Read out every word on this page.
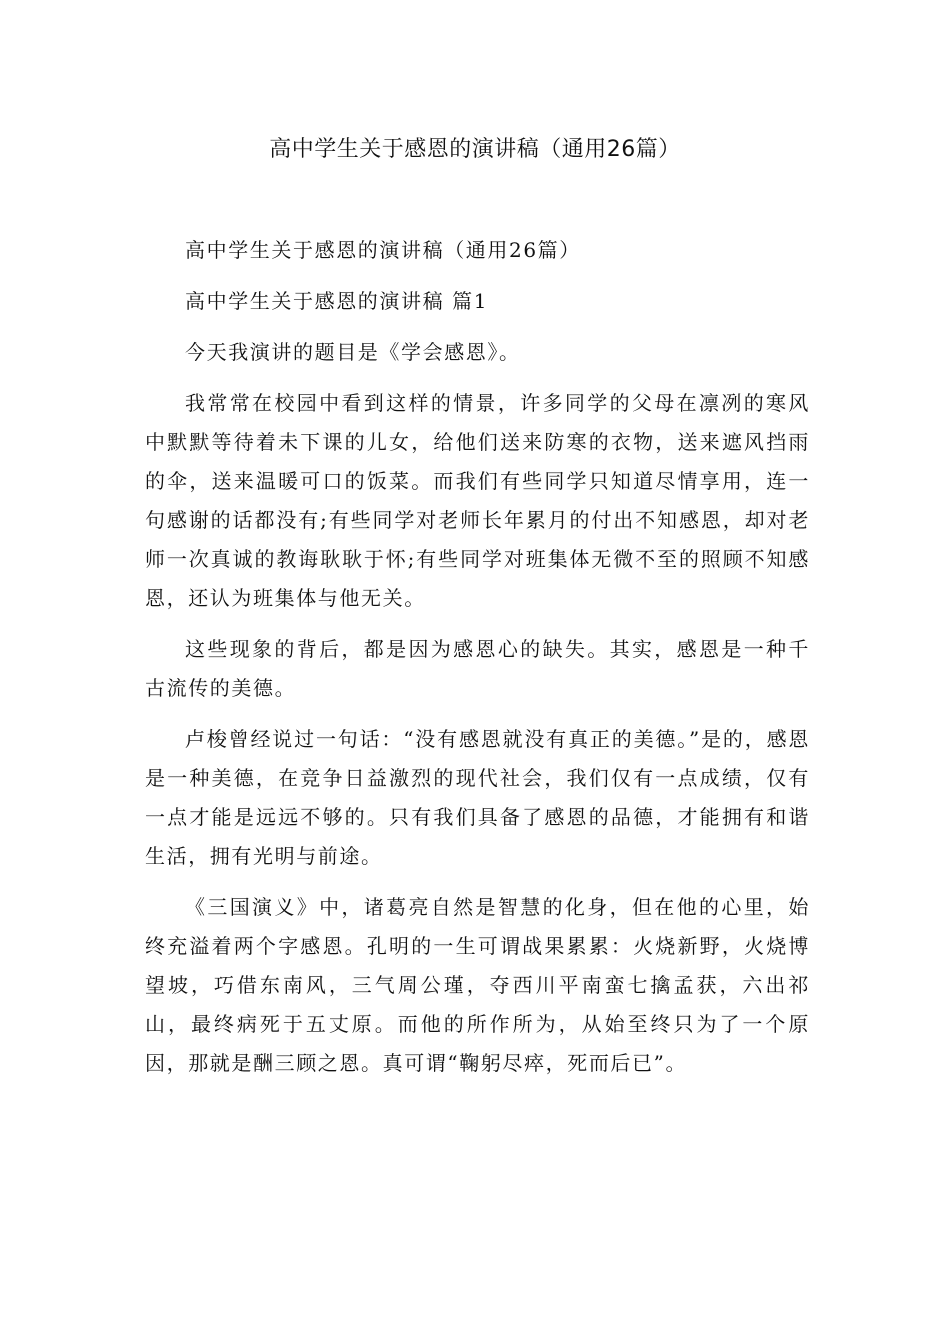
高中学生关于感恩的演讲稿（通用26篇）

高中学生关于感恩的演讲稿（通用26篇）

高中学生关于感恩的演讲稿 篇1

今天我演讲的题目是《学会感恩》。

我常常在校园中看到这样的情景，许多同学的父母在凛冽的寒风中默默等待着未下课的儿女，给他们送来防寒的衣物，送来遮风挡雨的伞，送来温暖可口的饭菜。而我们有些同学只知道尽情享用，连一句感谢的话都没有;有些同学对老师长年累月的付出不知感恩，却对老师一次真诚的教诲耿耿于怀;有些同学对班集体无微不至的照顾不知感恩，还认为班集体与他无关。

这些现象的背后，都是因为感恩心的缺失。其实，感恩是一种千古流传的美德。

卢梭曾经说过一句话：“没有感恩就没有真正的美德。”是的，感恩是一种美德，在竞争日益激烈的现代社会，我们仅有一点成绩，仅有一点才能是远远不够的。只有我们具备了感恩的品德，才能拥有和谐生活，拥有光明与前途。

《三国演义》中，诸葛亮自然是智慧的化身，但在他的心里，始终充溢着两个字感恩。孔明的一生可谓战果累累：火烧新野，火烧博望坡，巧借东南风，三气周公瑾，夺西川平南蛮七擒孟获，六出祁山，最终病死于五丈原。而他的所作所为，从始至终只为了一个原因，那就是酬三顾之恩。真可谓“鞠躬尽瘁，死而后已”。
